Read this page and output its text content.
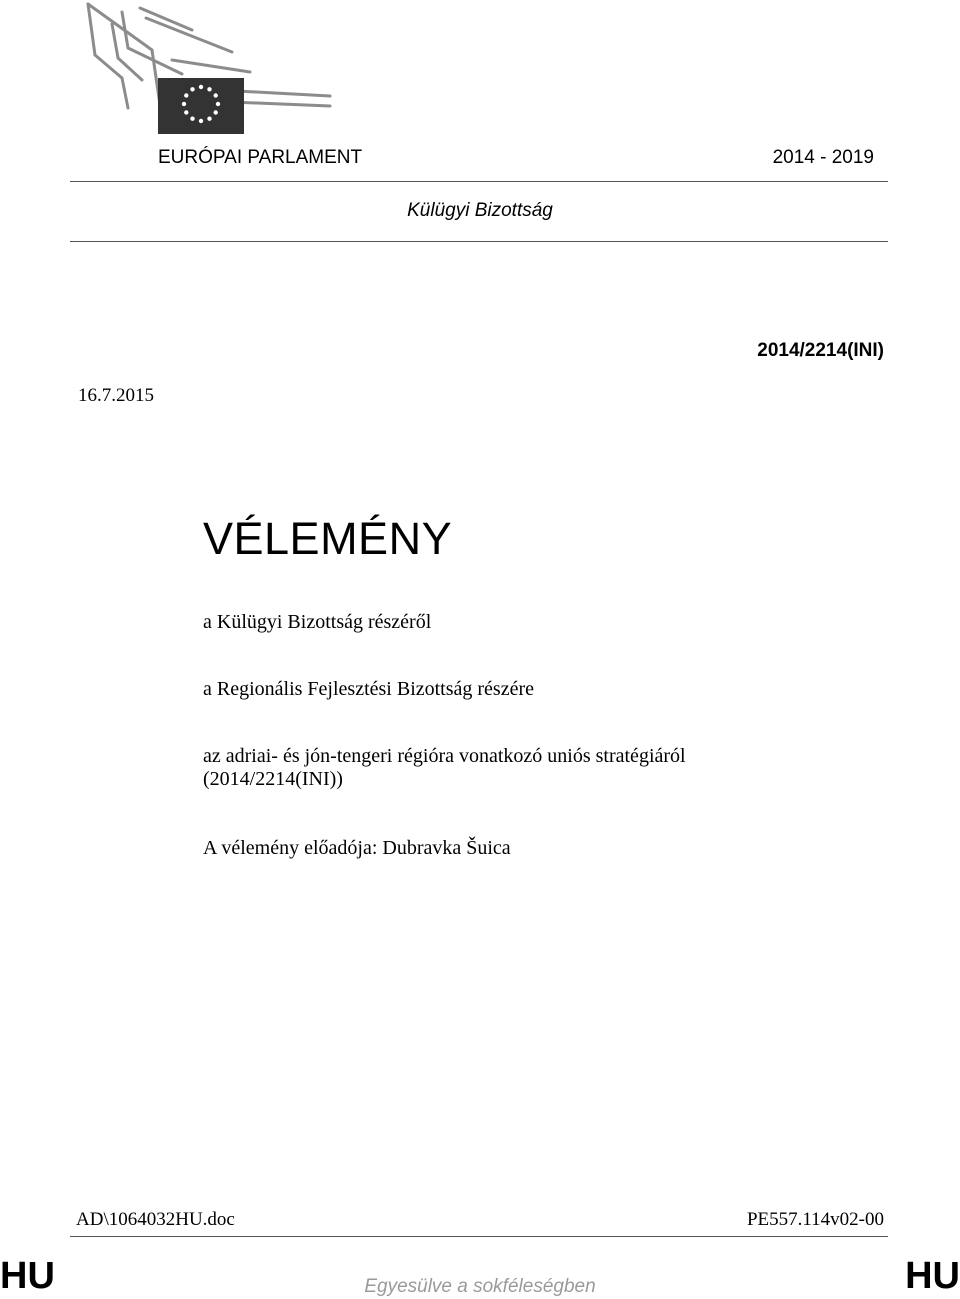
EURÓPAI PARLAMENT	2014 - 2019
Külügyi Bizottság
2014/2214(INI)
16.7.2015
VÉLEMÉNY
a Külügyi Bizottság részéről
a Regionális Fejlesztési Bizottság részére
az adriai- és jón-tengeri régióra vonatkozó uniós stratégiáról
(2014/2214(INI))
A vélemény előadója: Dubravka Šuica
AD\1064032HU.doc	PE557.114v02-00
HU	Egyesülve a sokféleségben	HU
